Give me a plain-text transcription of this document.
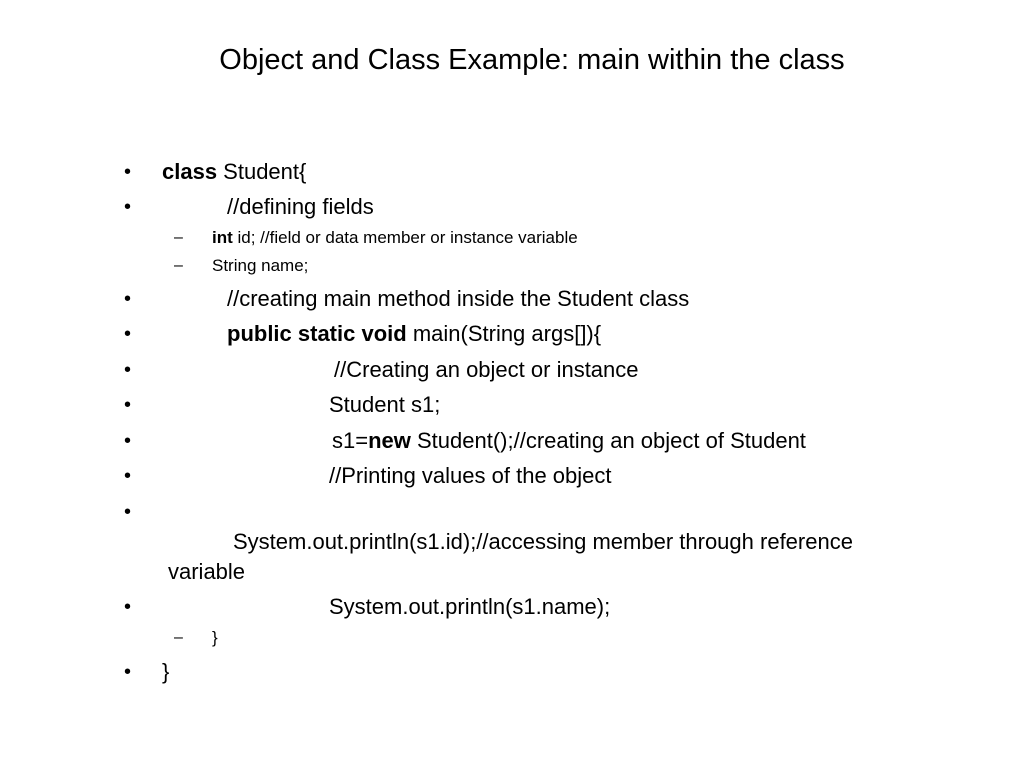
Object and Class Example: main within the class
• class Student{
•	//defining fields
– int id; //field or data member or instance variable
– String name;
•	//creating main method inside the Student class
•	public static void main(String args[]){
•	//Creating an object or instance
•	Student s1;
•	s1=new Student();//creating an object of Student
•	//Printing values of the object
•
System.out.println(s1.id);//accessing member through reference
variable
•	System.out.println(s1.name);
– }
• }
